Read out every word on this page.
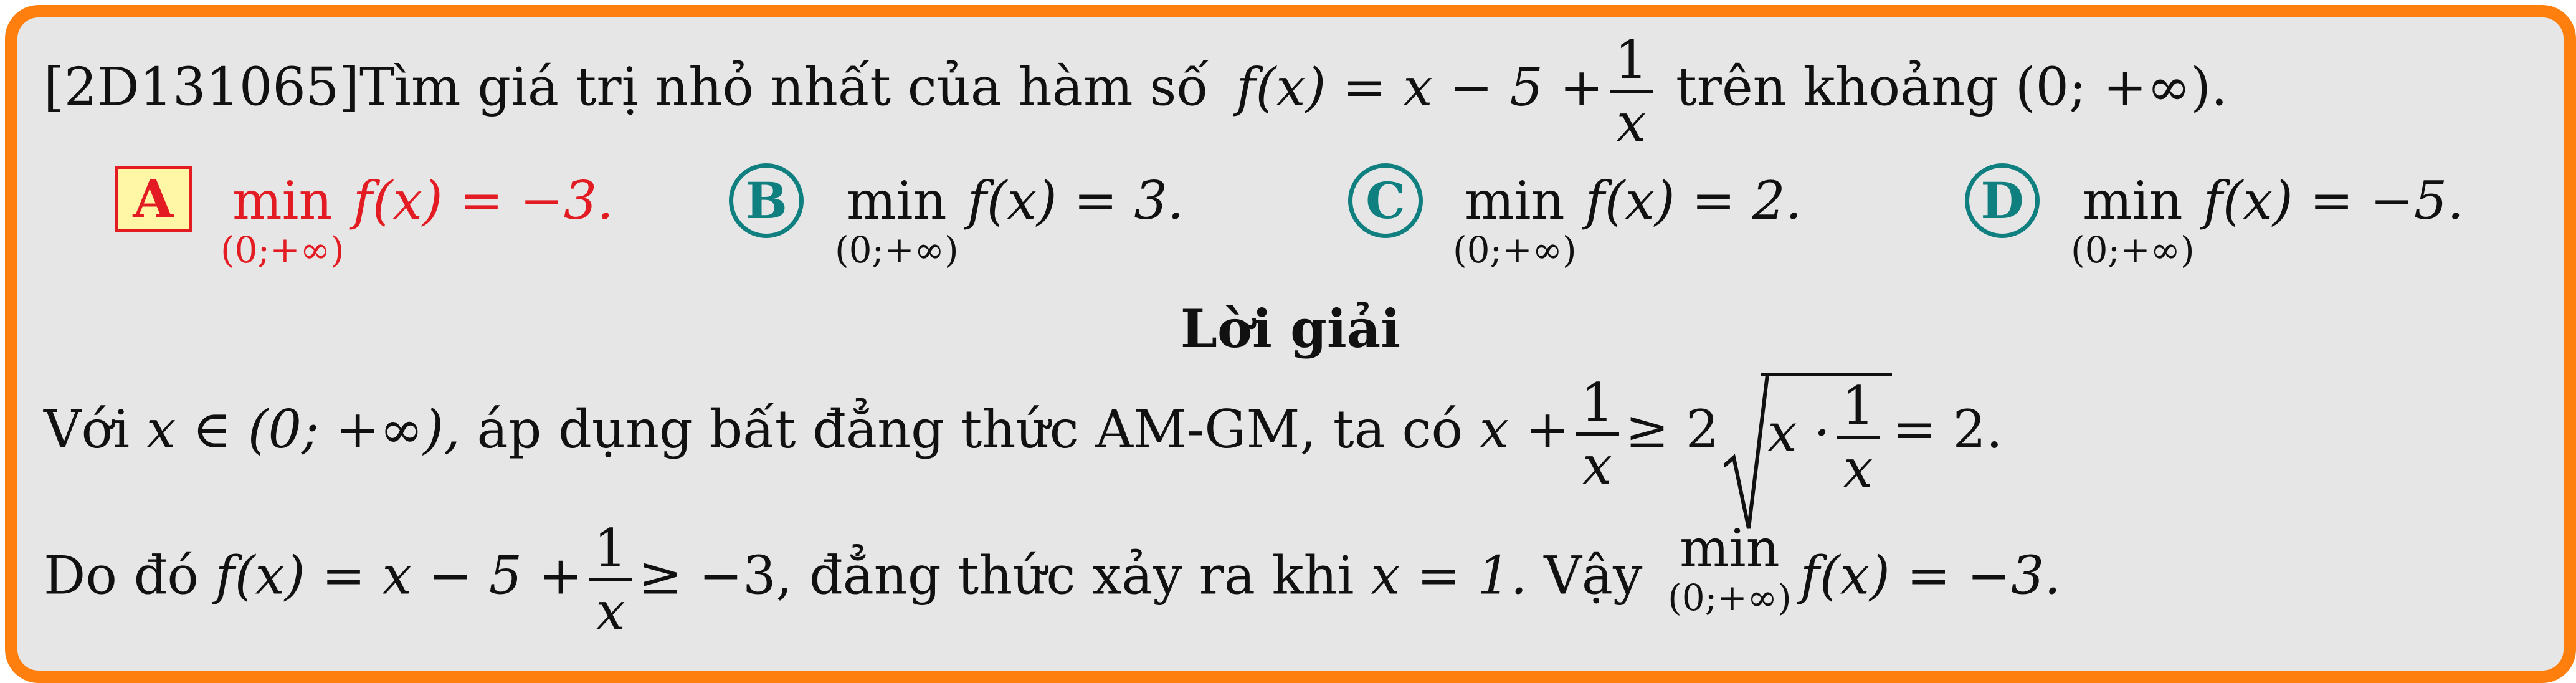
[2D131065]Tìm giá trị nhỏ nhất của hàm số $f(x) = x - 5 + \frac{1}{x}$ trên khoảng (0; +∞).
A min
(0;+∞)
f(x) = −3.	B min
(0;+∞)
f(x) = 3.	C min
(0;+∞)
f(x) = 2.	D min
(0;+∞)
f(x) = −5.
Lời giải
Với x ∈ (0; +∞), áp dụng bất đẳng thức AM-GM, ta có $x + \frac{1}{x} \ge 2$ $x \cdot \frac{1}{x} = 2$.
Do đó $f(x) = x - 5 + \frac{1}{x} \ge -3$, đẳng thức xảy ra khi x = 1. Vậy min
(0;+∞) f(x) = −3.
